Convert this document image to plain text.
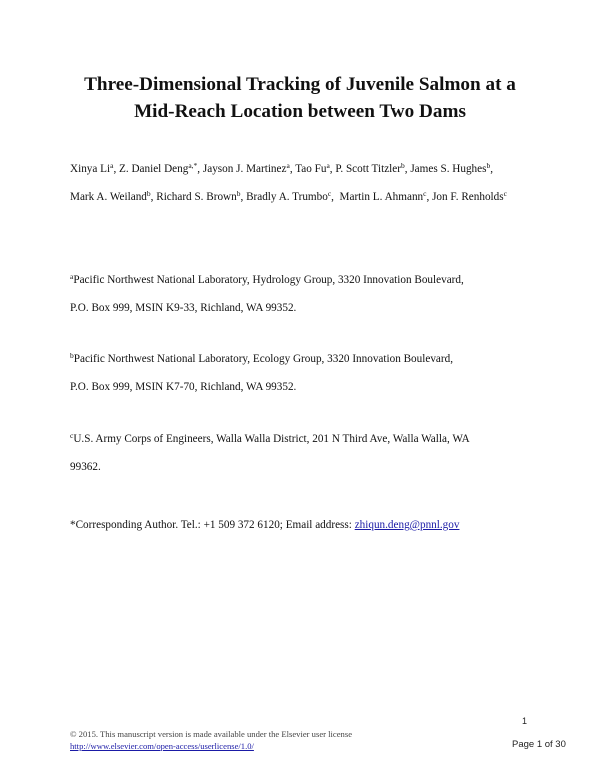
Three-Dimensional Tracking of Juvenile Salmon at a
Mid-Reach Location between Two Dams
Xinya Li$^a$, Z. Daniel Deng$^{a,*}$, Jayson J. Martinez$^a$, Tao Fu$^a$, P. Scott Titzler$^b$, James S. Hughes$^b$,
Mark A. Weiland$^b$, Richard S. Brown$^b$, Bradly A. Trumbo$^c$,  Martin L. Ahmann$^c$, Jon F. Renholds$^c$
$^a$Pacific Northwest National Laboratory, Hydrology Group, 3320 Innovation Boulevard,
P.O. Box 999, MSIN K9-33, Richland, WA 99352.
$^b$Pacific Northwest National Laboratory, Ecology Group, 3320 Innovation Boulevard,
P.O. Box 999, MSIN K7-70, Richland, WA 99352.
$^c$U.S. Army Corps of Engineers, Walla Walla District, 201 N Third Ave, Walla Walla, WA
99362.
*Corresponding Author. Tel.: +1 509 372 6120; Email address: zhiqun.deng@pnnl.gov
1
© 2015. This manuscript version is made available under the Elsevier user license
http://www.elsevier.com/open-access/userlicense/1.0/	Page 1 of 30
